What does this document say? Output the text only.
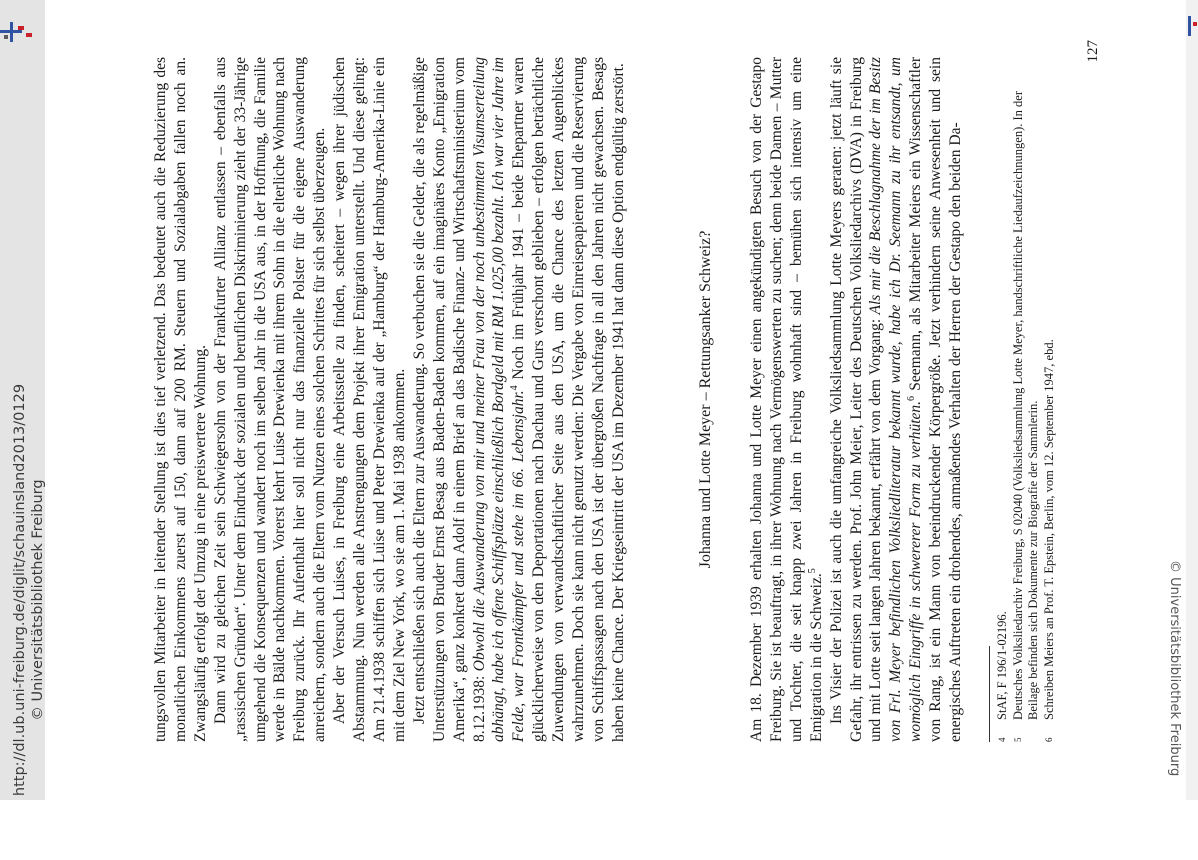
http://dl.ub.uni-freiburg.de/diglit/schauinsland2013/0129 © Universitätsbibliothek Freiburg	tungsvollen Mitarbeiter in leitender Stellung ist dies tief verletzend. Das bedeutet auch die Reduzierung des monatlichen Einkommens zuerst auf 150, dann auf 200 RM. Steuern und Sozialabgaben fallen noch an. Zwangsläufig erfolgt der Umzug in eine preiswertere Wohnung. Dann wird zu gleichen Zeit sein Schwiegersohn von der Frankfurter Allianz entlassen – ebenfalls aus „rassischen Gründen“. Unter dem Eindruck der sozialen und beruflichen Diskriminierung zieht der 33-Jährige umgehend die Konsequenzen und wandert noch im selben Jahr in die USA aus, in der Hoffnung, die Familie werde in Bälde nachkommen. Vorerst kehrt Luise Drewienka mit ihrem Sohn in die elterliche Wohnung nach Freiburg zurück. Ihr Aufenthalt hier soll nicht nur das finanzielle Polster für die eigene Auswanderung anreichern, sondern auch die Eltern vom Nutzen eines solchen Schrittes für sich selbst überzeugen. Aber der Versuch Luises, in Freiburg eine Arbeitsstelle zu finden, scheitert – wegen ihrer jüdischen Abstammung. Nun werden alle Anstrengungen dem Projekt ihrer Emigration unterstellt. Und diese gelingt: Am 21.4.1938 schiffen sich Luise und Peter Drewienka auf der „Hamburg“ der Hamburg-Amerika-Linie ein mit dem Ziel New York, wo sie am 1. Mai 1938 ankommen. Jetzt entschließen sich auch die Eltern zur Auswanderung. So verbuchen sie die Gelder, die als regelmäßige Unterstützungen von Bruder Ernst Besag aus Baden-Baden kommen, auf ein imaginäres Konto „Emigration Amerika“, ganz konkret dann Adolf in einem Brief an das Badische Finanz- und Wirtschaftsministerium vom 8.12.1938: Obwohl die Auswanderung von mir und meiner Frau von der noch unbestimmten Visumserteilung abhängt, habe ich offene Schiffsplätze einschließlich Bordgeld mit RM 1.025,00 bezahlt. Ich war vier Jahre im Felde, war Frontkämpfer und stehe im 66. Lebensjahr.$^4$ Noch im Frühjahr 1941 – beide Ehepartner waren glücklicherweise von den Deportationen nach Dachau und Gurs verschont geblieben – erfolgen beträchtliche Zuwendungen von verwandtschaftlicher Seite aus den USA, um die Chance des letzten Augenblickes wahrzunehmen. Doch sie kann nicht genutzt werden: Die Vergabe von Einreisepapieren und die Reservierung von Schiffspassagen nach den USA ist der übergroßen Nachfrage in all den Jahren nicht gewachsen. Besags haben keine Chance. Der Kriegseintritt der USA im Dezember 1941 hat dann diese Option endgültig zerstört.	Johanna und Lotte Meyer – Rettungsanker Schweiz? Am 18. Dezember 1939 erhalten Johanna und Lotte Meyer einen angekündigten Besuch von der Gestapo Freiburg. Sie ist beauftragt, in ihrer Wohnung nach Vermögenswerten zu suchen; denn beide Damen – Mutter und Tochter, die seit knapp zwei Jahren in Freiburg wohnhaft sind – bemühen sich intensiv um eine Emigration in die Schweiz.$^5$ Ins Visier der Polizei ist auch die umfangreiche Volksliedsammlung Lotte Meyers geraten: jetzt läuft sie Gefahr, ihr entrissen zu werden. Prof. John Meier, Leiter des Deutschen Volksliedarchivs (DVA) in Freiburg und mit Lotte seit langen Jahren bekannt, erfährt von dem Vorgang: Als mir die Beschlagnahme der im Besitz von Frl. Meyer befindlichen Volksliedliteratur bekannt wurde, habe ich Dr. Seemann zu ihr entsandt, um womöglich Eingriffe in schwererer Form zu verhüten.$^6$ Seemann, als Mitarbeiter Meiers ein Wissenschaftler von Rang, ist ein Mann von beeindruckender Körpergröße. Jetzt verhindern seine Anwesenheit und sein energisches Auftreten ein drohendes, anmaßendes Verhalten der Herren der Gestapo den beiden Da-	4
StAF, F 196/1-02196.
5
Deutsches Volksliedarchiv Freiburg, S 02040 (Volksliedsammlung Lotte Meyer, handschriftliche Liedaufzeichnungen). In der Beilage befinden sich Dokumente zur Biografie der Sammlerin.
6
Schreiben Meiers an Prof. T. Epstein, Berlin, vom 12. September 1947, ebd.
127
© Universitätsbibliothek Freiburg
